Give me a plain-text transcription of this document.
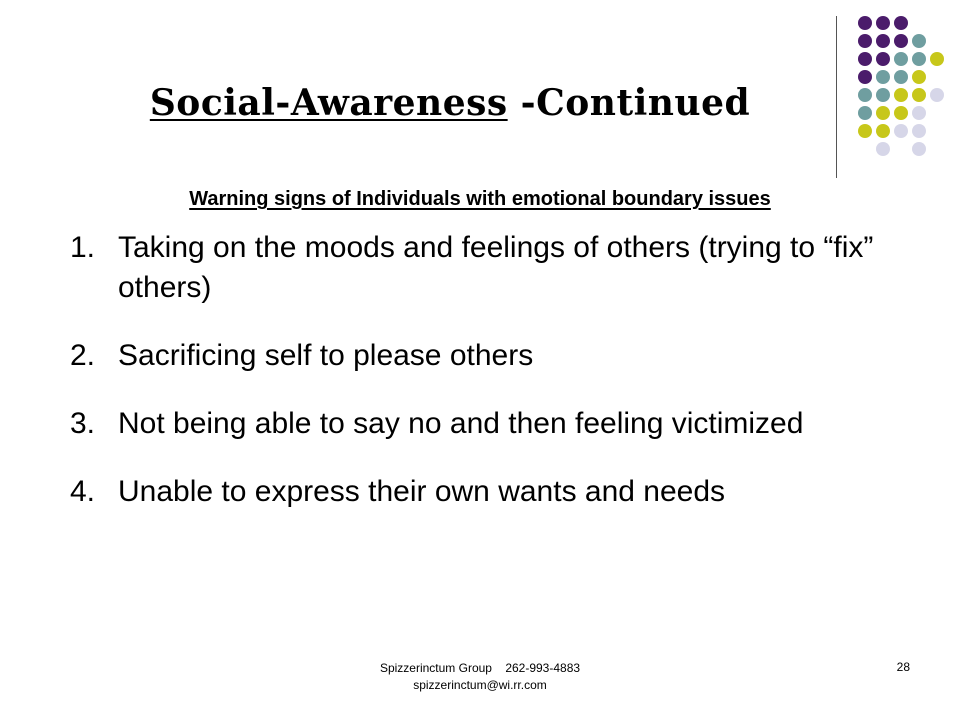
Social-Awareness -Continued
Warning signs of Individuals with emotional boundary issues
1. Taking on the moods and feelings of others (trying to “fix” others)
2. Sacrificing self to please others
3. Not being able to say no and then feeling victimized
4. Unable to express their own wants and needs
Spizzerinctum Group    262-993-4883
spizzerinctum@wi.rr.com
28
